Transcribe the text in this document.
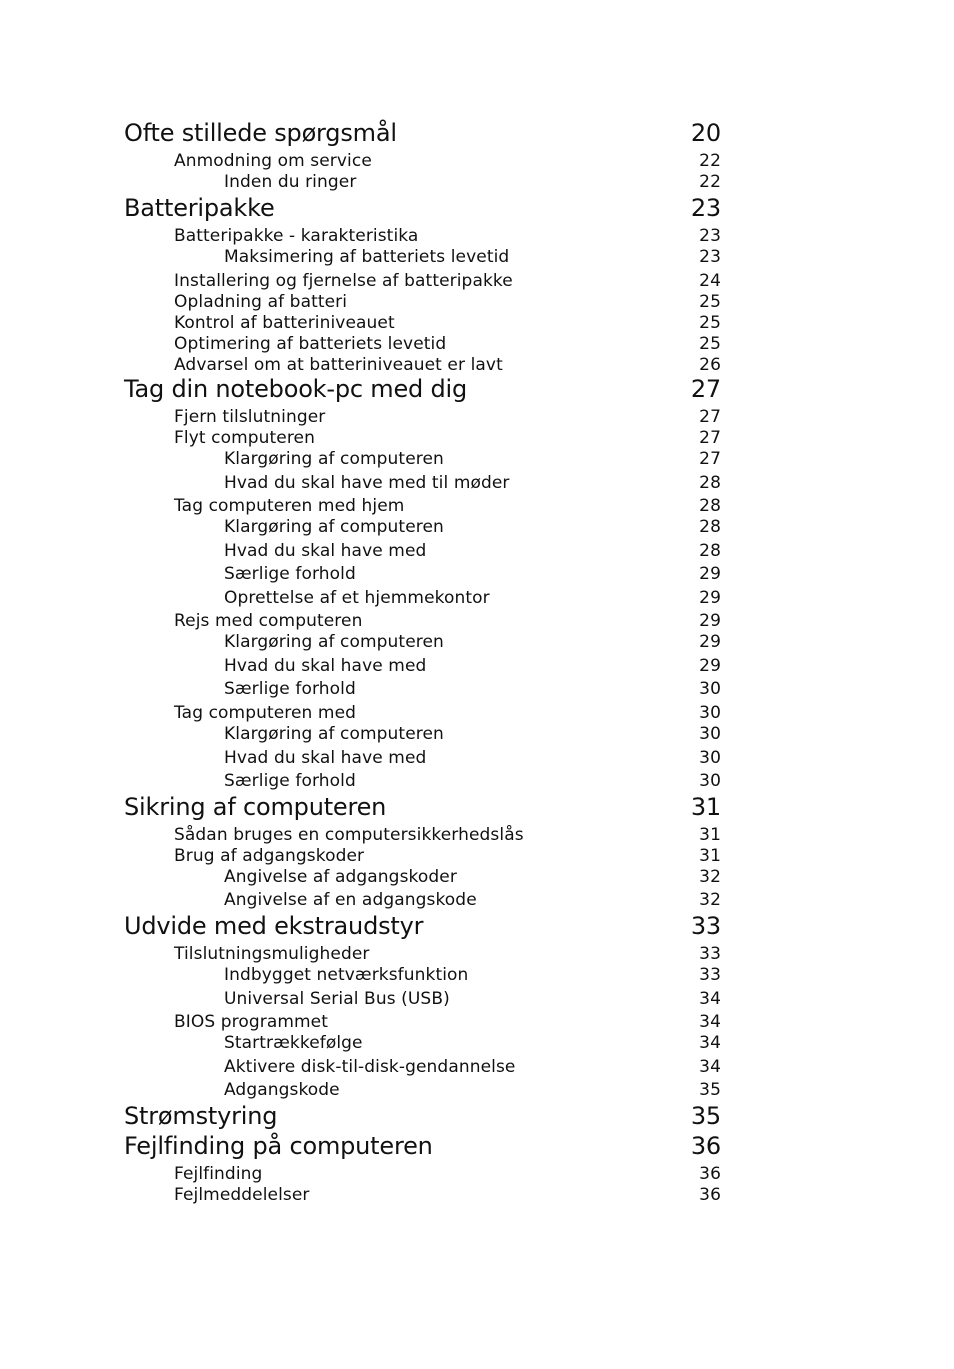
Ofte stillede spørgsmål	20
Anmodning om service	22
Inden du ringer	22
Batteripakke	23
Batteripakke - karakteristika	23
Maksimering af batteriets levetid	23
Installering og fjernelse af batteripakke	24
Opladning af batteri	25
Kontrol af batteriniveauet	25
Optimering af batteriets levetid	25
Advarsel om at batteriniveauet er lavt	26
Tag din notebook-pc med dig	27
Fjern tilslutninger	27
Flyt computeren	27
Klargøring af computeren	27
Hvad du skal have med til møder	28
Tag computeren med hjem	28
Klargøring af computeren	28
Hvad du skal have med	28
Særlige forhold	29
Oprettelse af et hjemmekontor	29
Rejs med computeren	29
Klargøring af computeren	29
Hvad du skal have med	29
Særlige forhold	30
Tag computeren med	30
Klargøring af computeren	30
Hvad du skal have med	30
Særlige forhold	30
Sikring af computeren	31
Sådan bruges en computersikkerhedslås	31
Brug af adgangskoder	31
Angivelse af adgangskoder	32
Angivelse af en adgangskode	32
Udvide med ekstraudstyr	33
Tilslutningsmuligheder	33
Indbygget netværksfunktion	33
Universal Serial Bus (USB)	34
BIOS programmet	34
Startrækkefølge	34
Aktivere disk-til-disk-gendannelse	34
Adgangskode	35
Strømstyring	35
Fejlfinding på computeren	36
Fejlfinding	36
Fejlmeddelelser	36
